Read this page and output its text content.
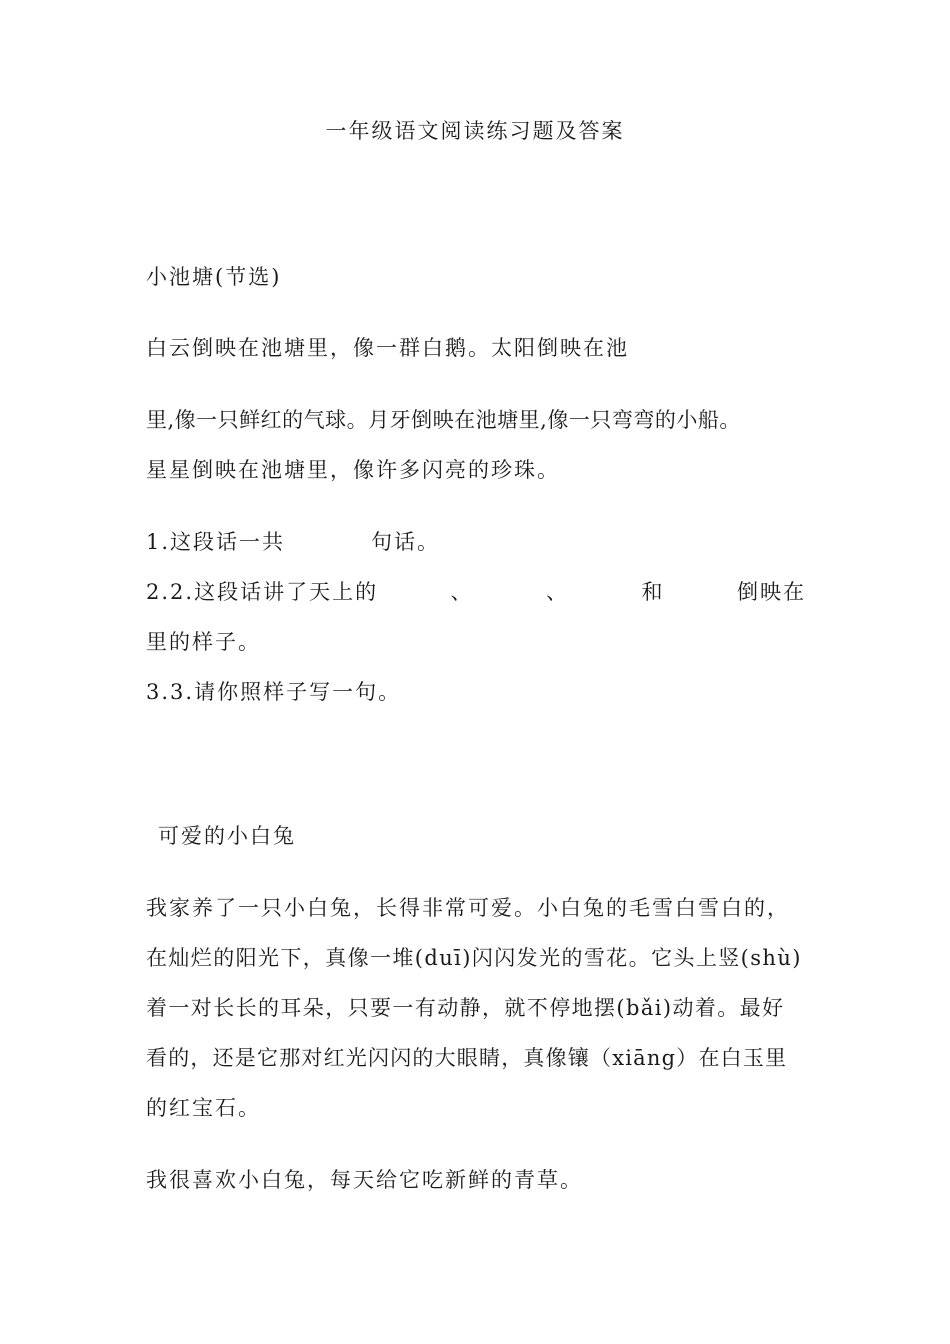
一年级语文阅读练习题及答案

小池塘(节选)

白云倒映在池塘里，像一群白鹅。太阳倒映在池

里,像一只鲜红的气球。月牙倒映在池塘里,像一只弯弯的小船。

星星倒映在池塘里，像许多闪亮的珍珠。

1.这段话一共	句话。

2.2.这段话讲了天上的	、	、	和	倒映在

里的样子。

3.3.请你照样子写一句。

可爱的小白兔

我家养了一只小白兔，长得非常可爱。小白兔的毛雪白雪白的，

在灿烂的阳光下，真像一堆(duī)闪闪发光的雪花。它头上竖(shù)

着一对长长的耳朵，只要一有动静，就不停地摆(bǎi)动着。最好

看的，还是它那对红光闪闪的大眼睛，真像镶（xiāng）在白玉里

的红宝石。

我很喜欢小白兔，每天给它吃新鲜的青草。
